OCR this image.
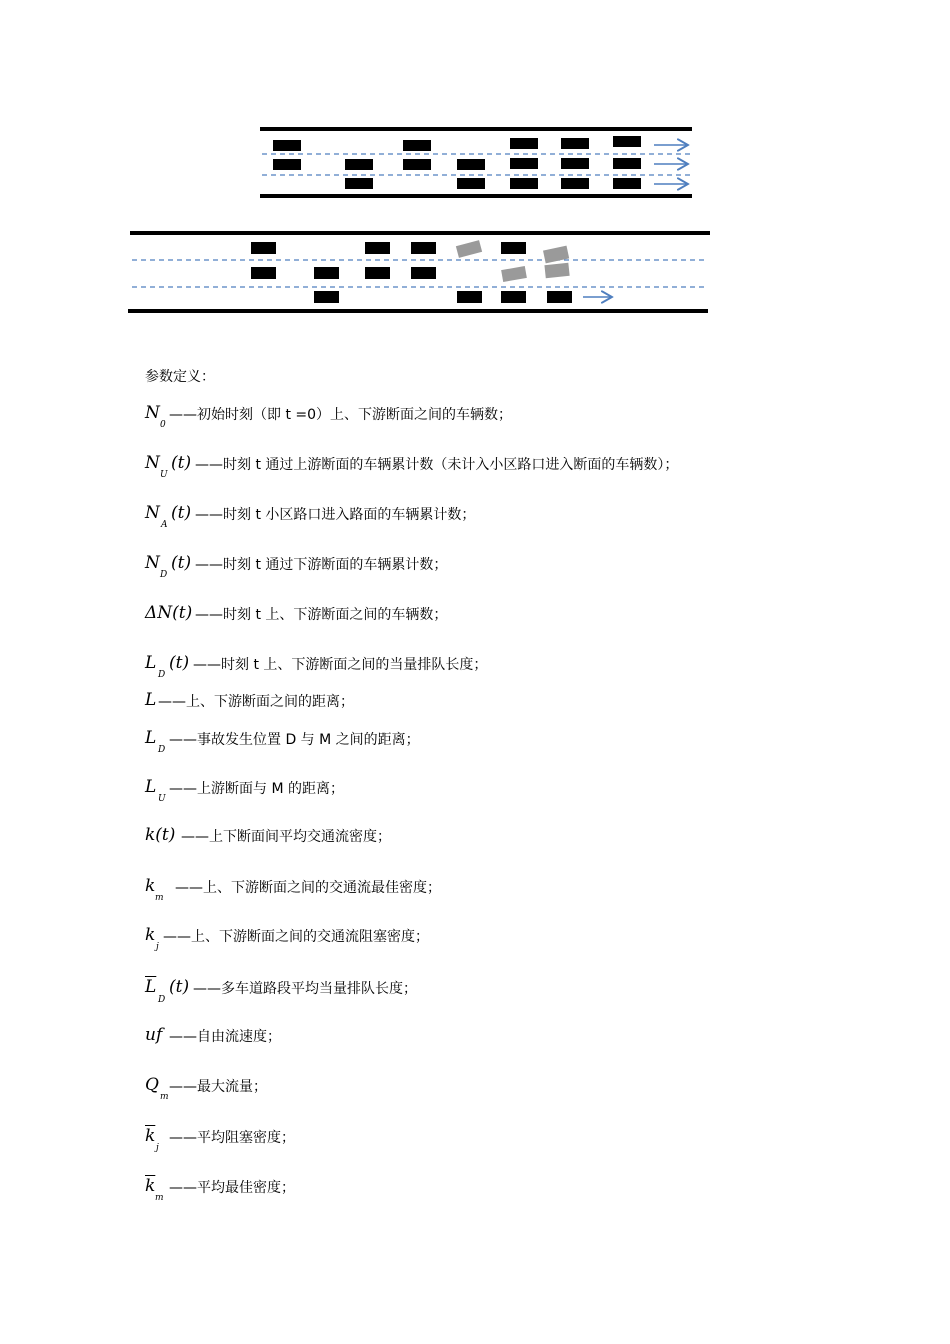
参数定义：
N
0
——初始时刻（即 t =0）上、下游断面之间的车辆数；
N
U
(t) ——时刻 t 通过上游断面的车辆累计数（未计入小区路口进入断面的车辆数）；
N
A
(t) ——时刻 t 小区路口进入路面的车辆累计数；
N
D
(t) ——时刻 t 通过下游断面的车辆累计数；
ΔN(t) ——时刻 t 上、下游断面之间的车辆数；
L
D
(t) ——时刻 t 上、下游断面之间的当量排队长度；
L ——上、下游断面之间的距离；
L
D
——事故发生位置 D 与 M 之间的距离；
L
U
——上游断面与 M 的距离；
k(t) ——上下断面间平均交通流密度；
k
m
——上、下游断面之间的交通流最佳密度；
k
j
——上、下游断面之间的交通流阻塞密度；
$\overline{L}$
D
(t) ——多车道路段平均当量排队长度；
uf ——自由流速度；
Q
m
——最大流量；
$\overline{k}$
j
——平均阻塞密度；
$\overline{k}$
m
——平均最佳密度；
